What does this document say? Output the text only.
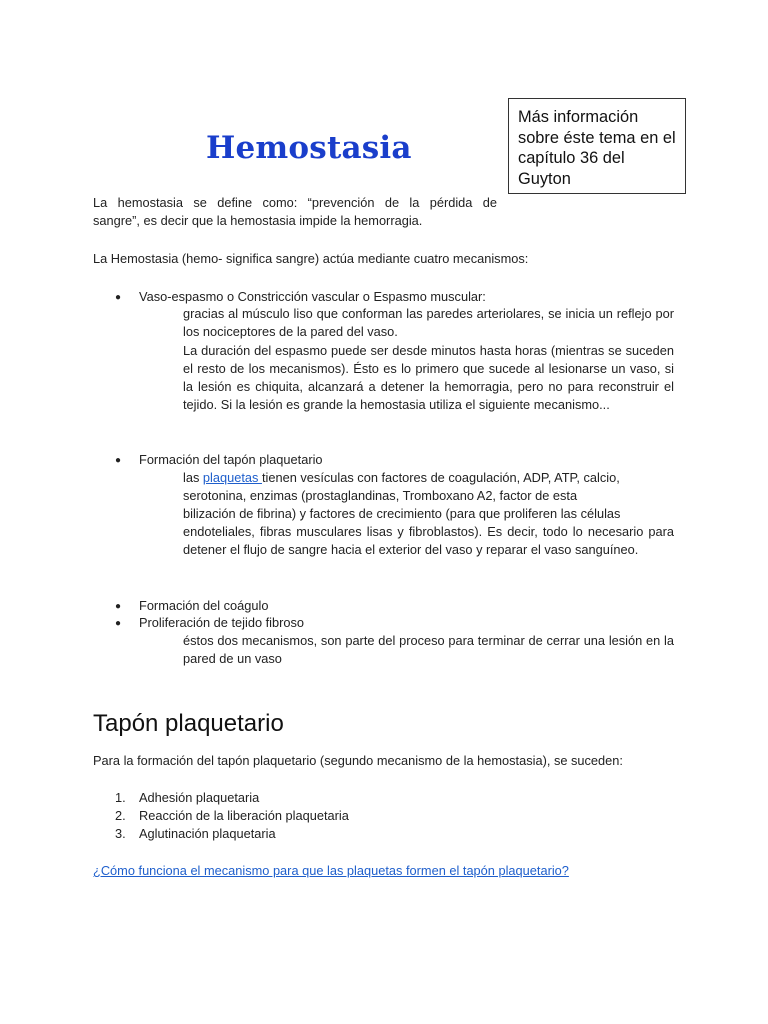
Hemostasia
Más información sobre éste tema en el capítulo 36 del Guyton

La hemostasia se define como: “prevención de la pérdida de

sangre”, es decir que la hemostasia impide la hemorragia.

La Hemostasia (hemo- significa sangre) actúa mediante cuatro mecanismos:

● Vaso-espasmo o Constricción vascular o Espasmo muscular:

gracias al músculo liso que conforman las paredes arteriolares, se inicia un reflejo por los nociceptores de la pared del vaso.

La duración del espasmo puede ser desde minutos hasta horas (mientras se suceden el resto de los mecanismos). Ésto es lo primero que sucede al lesionarse un vaso, si la lesión es chiquita, alcanzará a detener la hemorragia, pero no para reconstruir el tejido. Si la lesión es grande la hemostasia utiliza el siguiente mecanismo...

● Formación del tapón plaquetario

las plaquetas tienen vesículas con factores de coagulación, ADP, ATP, calcio,

serotonina, enzimas (prostaglandinas, Tromboxano A2, factor de esta

bilización de fibrina) y factores de crecimiento (para que proliferen las células

endoteliales, fibras musculares lisas y fibroblastos). Es decir, todo lo necesario para detener el flujo de sangre hacia el exterior del vaso y reparar el vaso sanguíneo.

● Formación del coágulo
● Proliferación de tejido fibroso

éstos dos mecanismos, son parte del proceso para terminar de cerrar una lesión en la pared de un vaso

Tapón plaquetario

Para la formación del tapón plaquetario (segundo mecanismo de la hemostasia), se suceden:

1. Adhesión plaquetaria
2. Reacción de la liberación plaquetaria
3. Aglutinación plaquetaria

¿Cómo funciona el mecanismo para que las plaquetas formen el tapón plaquetario?
